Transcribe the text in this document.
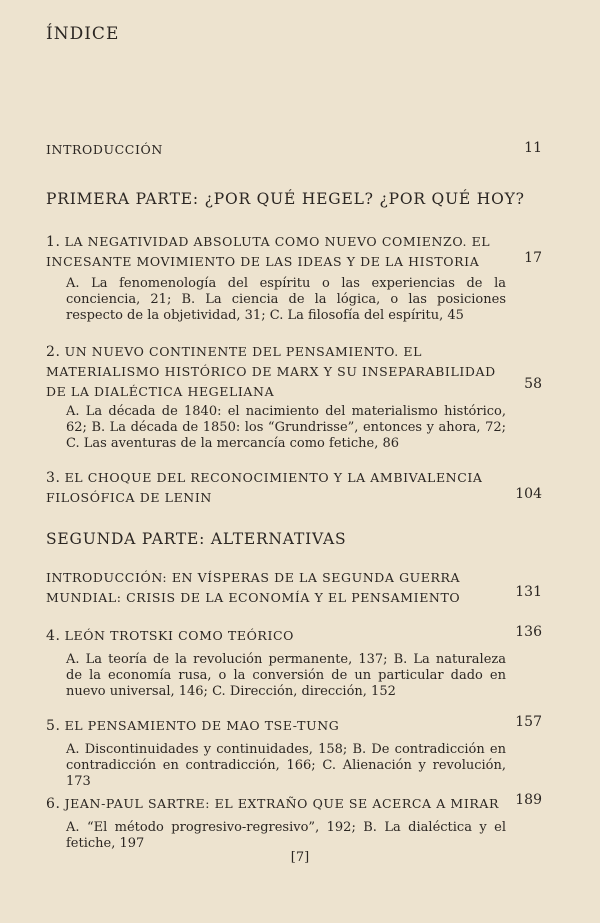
ÍNDICE
INTRODUCCIÓN	11
PRIMERA PARTE: ¿POR QUÉ HEGEL? ¿POR QUÉ HOY?
1. LA NEGATIVIDAD ABSOLUTA COMO NUEVO COMIENZO. EL INCESANTE MOVIMIENTO DE LAS IDEAS Y DE LA HISTORIA	17
A. La fenomenología del espíritu o las experiencias de la conciencia, 21; B. La ciencia de la lógica, o las posiciones respecto de la objetividad, 31; C. La filosofía del espíritu, 45
2. UN NUEVO CONTINENTE DEL PENSAMIENTO. EL MATERIALISMO HISTÓRICO DE MARX Y SU INSEPARABILIDAD DE LA DIALÉCTICA HEGELIANA	58
A. La década de 1840: el nacimiento del materialismo histórico, 62; B. La década de 1850: los “Grundrisse”, entonces y ahora, 72; C. Las aventuras de la mercancía como fetiche, 86
3. EL CHOQUE DEL RECONOCIMIENTO Y LA AMBIVALENCIA FILOSÓFICA DE LENIN	104
SEGUNDA PARTE: ALTERNATIVAS
INTRODUCCIÓN: EN VÍSPERAS DE LA SEGUNDA GUERRA MUNDIAL: CRISIS DE LA ECONOMÍA Y EL PENSAMIENTO	131
4. LEÓN TROTSKI COMO TEÓRICO	136
A. La teoría de la revolución permanente, 137; B. La naturaleza de la economía rusa, o la conversión de un particular dado en nuevo universal, 146; C. Dirección, dirección, 152
5. EL PENSAMIENTO DE MAO TSE-TUNG	157
A. Discontinuidades y continuidades, 158; B. De contradicción en contradicción en contradicción, 166; C. Alienación y revolución, 173
6. JEAN-PAUL SARTRE: EL EXTRAÑO QUE SE ACERCA A MIRAR	189
A. “El método progresivo-regresivo”, 192; B. La dialéctica y el fetiche, 197
[7]
